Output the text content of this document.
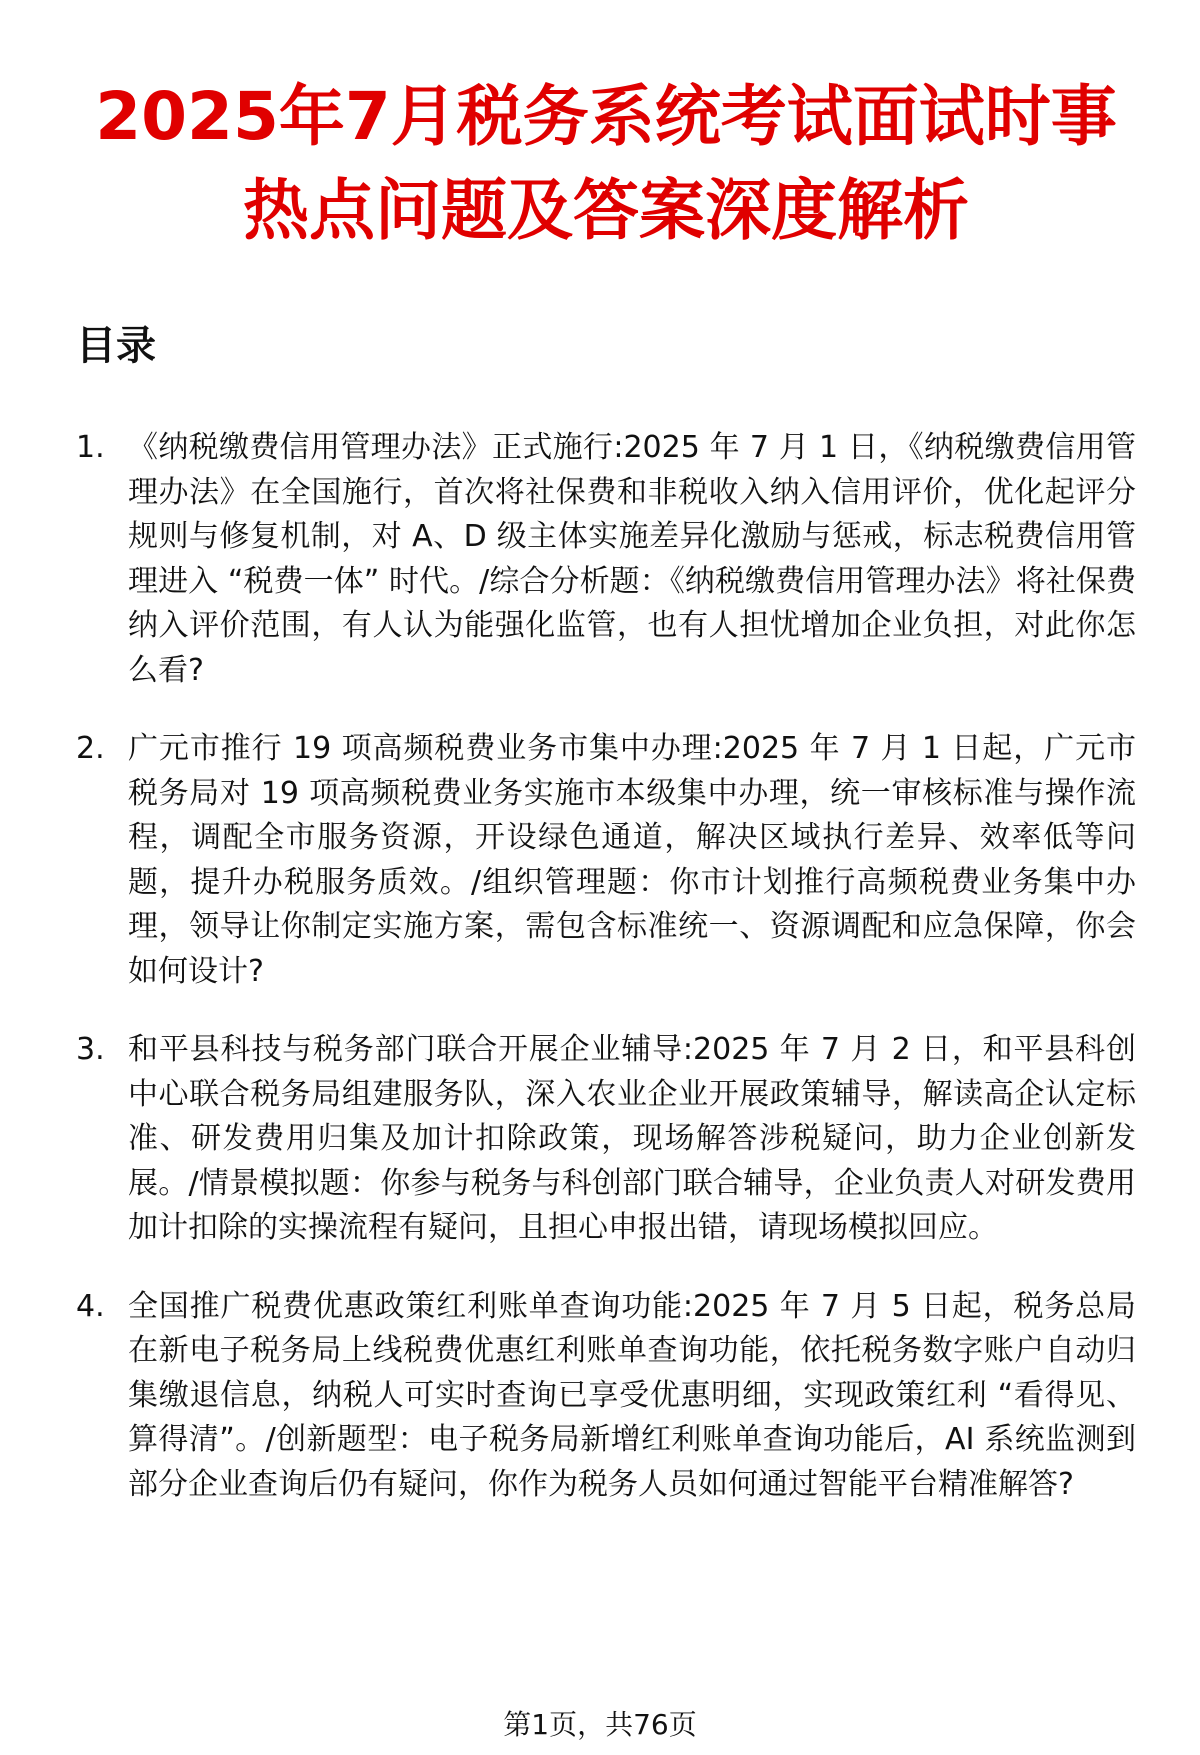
2025年7月税务系统考试面试时事
热点问题及答案深度解析
目录
1. 《纳税缴费信用管理办法》正式施行:2025 年 7 月 1 日，《纳税缴费信用管理办法》在全国施行，首次将社保费和非税收入纳入信用评价，优化起评分规则与修复机制，对 A、D 级主体实施差异化激励与惩戒，标志税费信用管理进入 “税费一体” 时代。/综合分析题：《纳税缴费信用管理办法》将社保费纳入评价范围，有人认为能强化监管，也有人担忧增加企业负担，对此你怎么看?
2. 广元市推行 19 项高频税费业务市集中办理:2025 年 7 月 1 日起，广元市税务局对 19 项高频税费业务实施市本级集中办理，统一审核标准与操作流程，调配全市服务资源，开设绿色通道，解决区域执行差异、效率低等问题，提升办税服务质效。/组织管理题：你市计划推行高频税费业务集中办理，领导让你制定实施方案，需包含标准统一、资源调配和应急保障，你会如何设计?
3. 和平县科技与税务部门联合开展企业辅导:2025 年 7 月 2 日，和平县科创中心联合税务局组建服务队，深入农业企业开展政策辅导，解读高企认定标准、研发费用归集及加计扣除政策，现场解答涉税疑问，助力企业创新发展。/情景模拟题：你参与税务与科创部门联合辅导，企业负责人对研发费用加计扣除的实操流程有疑问，且担心申报出错，请现场模拟回应。
4. 全国推广税费优惠政策红利账单查询功能:2025 年 7 月 5 日起，税务总局在新电子税务局上线税费优惠红利账单查询功能，依托税务数字账户自动归集缴退信息，纳税人可实时查询已享受优惠明细，实现政策红利 “看得见、算得清”。/创新题型：电子税务局新增红利账单查询功能后，AI 系统监测到部分企业查询后仍有疑问，你作为税务人员如何通过智能平台精准解答?
第1页，共76页
